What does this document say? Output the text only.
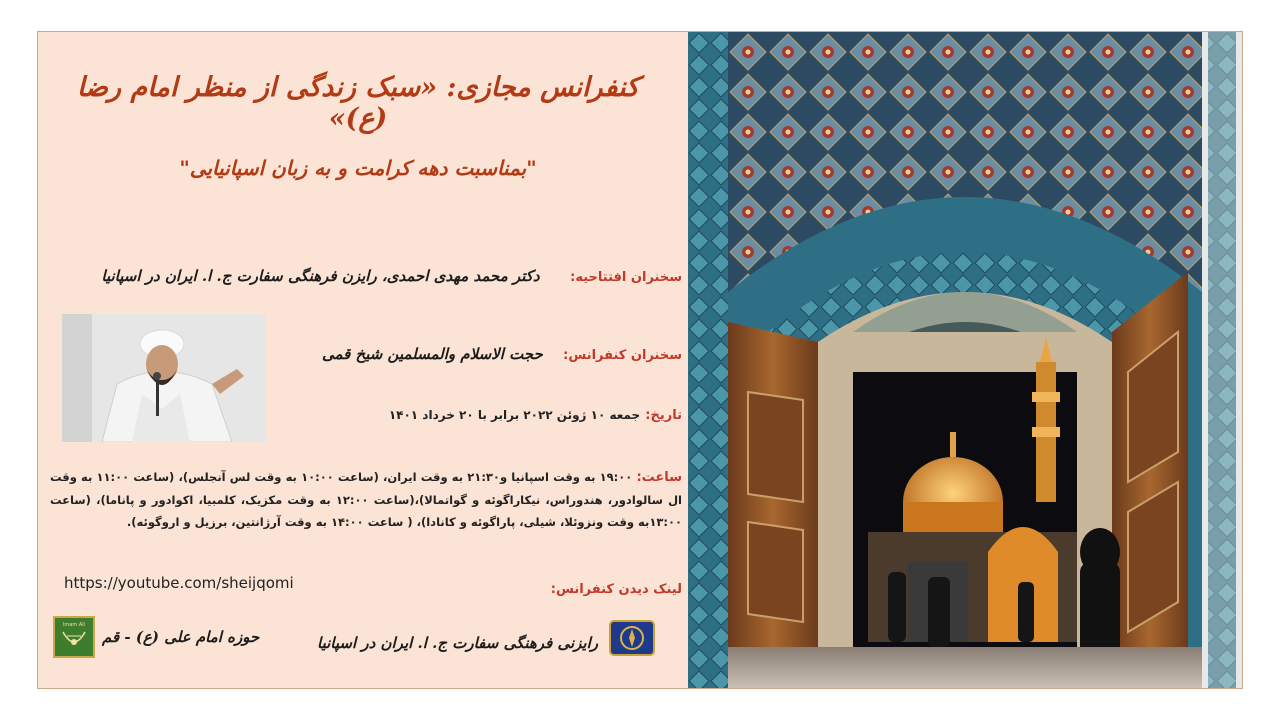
کنفرانس مجازی: «سبک زندگی از منظر امام رضا (ع)»
"بمناسبت دهه کرامت و به زبان اسپانیایی"
سخنران افتتاحیه:      دکتر محمد مهدی احمدی، رایزن فرهنگی سفارت ج. ا. ایران در اسپانیا
سخنران کنفرانس:    حجت الاسلام والمسلمین شیخ قمی
تاریخ: جمعه ۱۰ ژوئن ۲۰۲۲ برابر با ۲۰ خرداد ۱۴۰۱
ساعت: ۱۹:۰۰ به وقت اسپانیا و۲۱:۳۰ به وقت ایران، (ساعت ۱۰:۰۰ به وقت لس آنجلس)، (ساعت ۱۱:۰۰ به وقت ال سالوادور، هندوراس، نیکاراگوئه و گواتمالا)،(ساعت ۱۲:۰۰ به وقت مکزیک، کلمبیا، اکوادور و پاناما)، (ساعت ۱۳:۰۰به وقت ونزوئلا، شیلی، پاراگوئه و کانادا)، ( ساعت ۱۴:۰۰ به وقت آرژانتین، برزیل و اروگوئه).
لینک دیدن کنفرانس:
https://youtube.com/sheijqomi
Imam Ali
حوزه امام علی (ع) - قم	رایزنی فرهنگی سفارت ج. ا. ایران در اسپانیا
